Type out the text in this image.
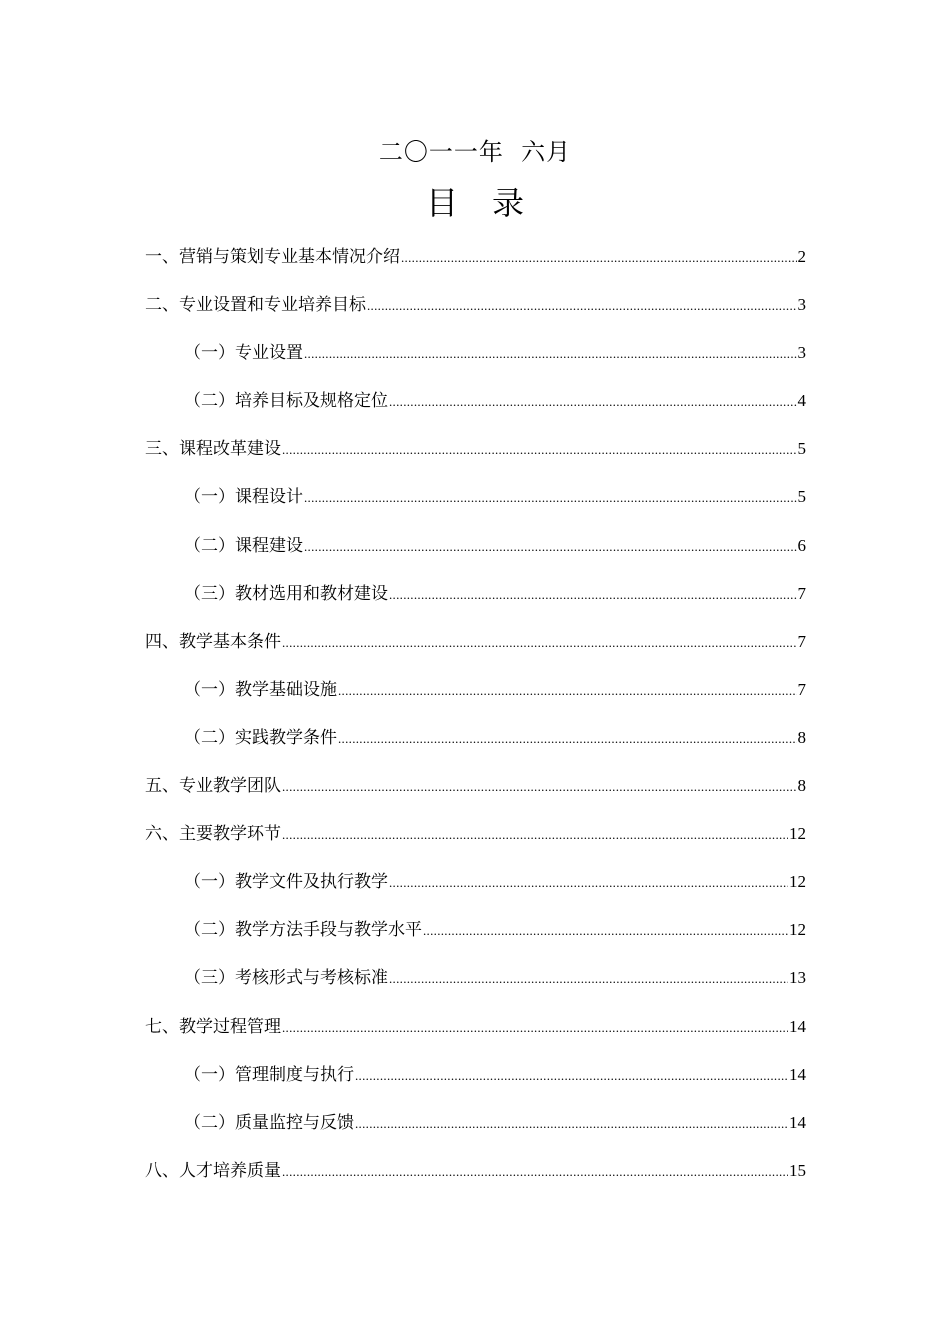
二〇一一年  六月
目录
一、营销与策划专业基本情况介绍 .....	2
二、专业设置和专业培养目标 .....	3
（一）专业设置 .....	3
（二）培养目标及规格定位 .....	4
三、课程改革建设 .....	5
（一）课程设计 .....	5
（二）课程建设 .....	6
（三）教材选用和教材建设 .....	7
四、教学基本条件 .....	7
（一）教学基础设施 .....	7
（二）实践教学条件 .....	8
五、专业教学团队 .....	8
六、主要教学环节 .....	12
（一）教学文件及执行教学 .....	12
（二）教学方法手段与教学水平 .....	12
（三）考核形式与考核标准 .....	13
七、教学过程管理 .....	14
（一）管理制度与执行 .....	14
（二）质量监控与反馈 .....	14
八、人才培养质量 .....	15
